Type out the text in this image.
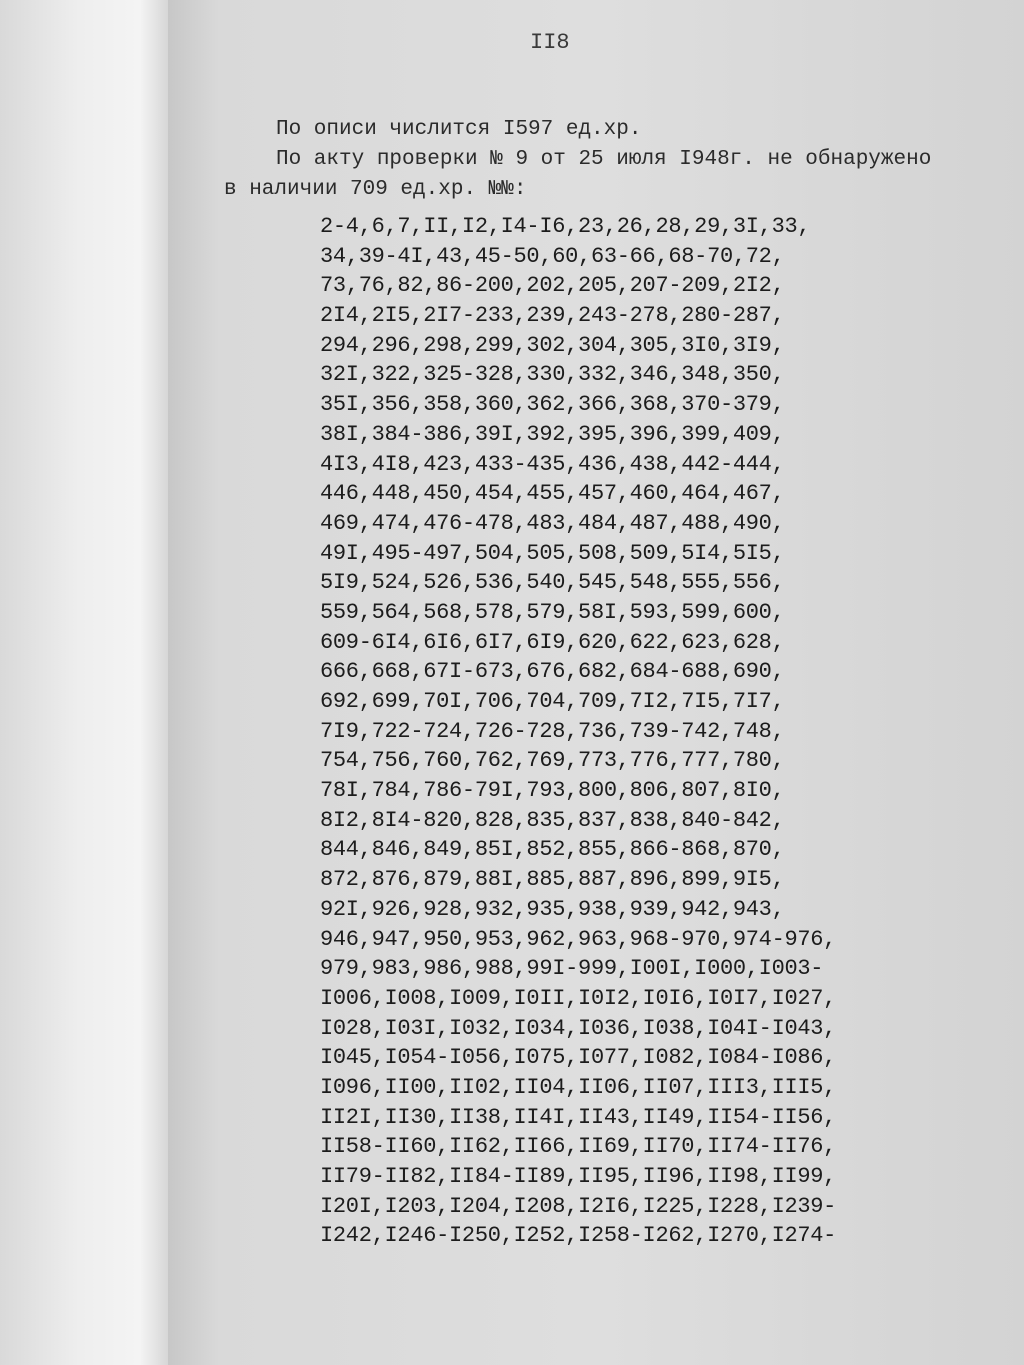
II8
По описи числится I597 ед.хр.
По акту проверки № 9 от 25 июля I948г. не обнаружено
в наличии 709 ед.хр. №№:
2-4,6,7,II,I2,I4-I6,23,26,28,29,3I,33,
34,39-4I,43,45-50,60,63-66,68-70,72,
73,76,82,86-200,202,205,207-209,2I2,
2I4,2I5,2I7-233,239,243-278,280-287,
294,296,298,299,302,304,305,3I0,3I9,
32I,322,325-328,330,332,346,348,350,
35I,356,358,360,362,366,368,370-379,
38I,384-386,39I,392,395,396,399,409,
4I3,4I8,423,433-435,436,438,442-444,
446,448,450,454,455,457,460,464,467,
469,474,476-478,483,484,487,488,490,
49I,495-497,504,505,508,509,5I4,5I5,
5I9,524,526,536,540,545,548,555,556,
559,564,568,578,579,58I,593,599,600,
609-6I4,6I6,6I7,6I9,620,622,623,628,
666,668,67I-673,676,682,684-688,690,
692,699,70I,706,704,709,7I2,7I5,7I7,
7I9,722-724,726-728,736,739-742,748,
754,756,760,762,769,773,776,777,780,
78I,784,786-79I,793,800,806,807,8I0,
8I2,8I4-820,828,835,837,838,840-842,
844,846,849,85I,852,855,866-868,870,
872,876,879,88I,885,887,896,899,9I5,
92I,926,928,932,935,938,939,942,943,
946,947,950,953,962,963,968-970,974-976,
979,983,986,988,99I-999,I00I,I000,I003-
I006,I008,I009,I0II,I0I2,I0I6,I0I7,I027,
I028,I03I,I032,I034,I036,I038,I04I-I043,
I045,I054-I056,I075,I077,I082,I084-I086,
I096,II00,II02,II04,II06,II07,III3,III5,
II2I,II30,II38,II4I,II43,II49,II54-II56,
II58-II60,II62,II66,II69,II70,II74-II76,
II79-II82,II84-II89,II95,II96,II98,II99,
I20I,I203,I204,I208,I2I6,I225,I228,I239-
I242,I246-I250,I252,I258-I262,I270,I274-
